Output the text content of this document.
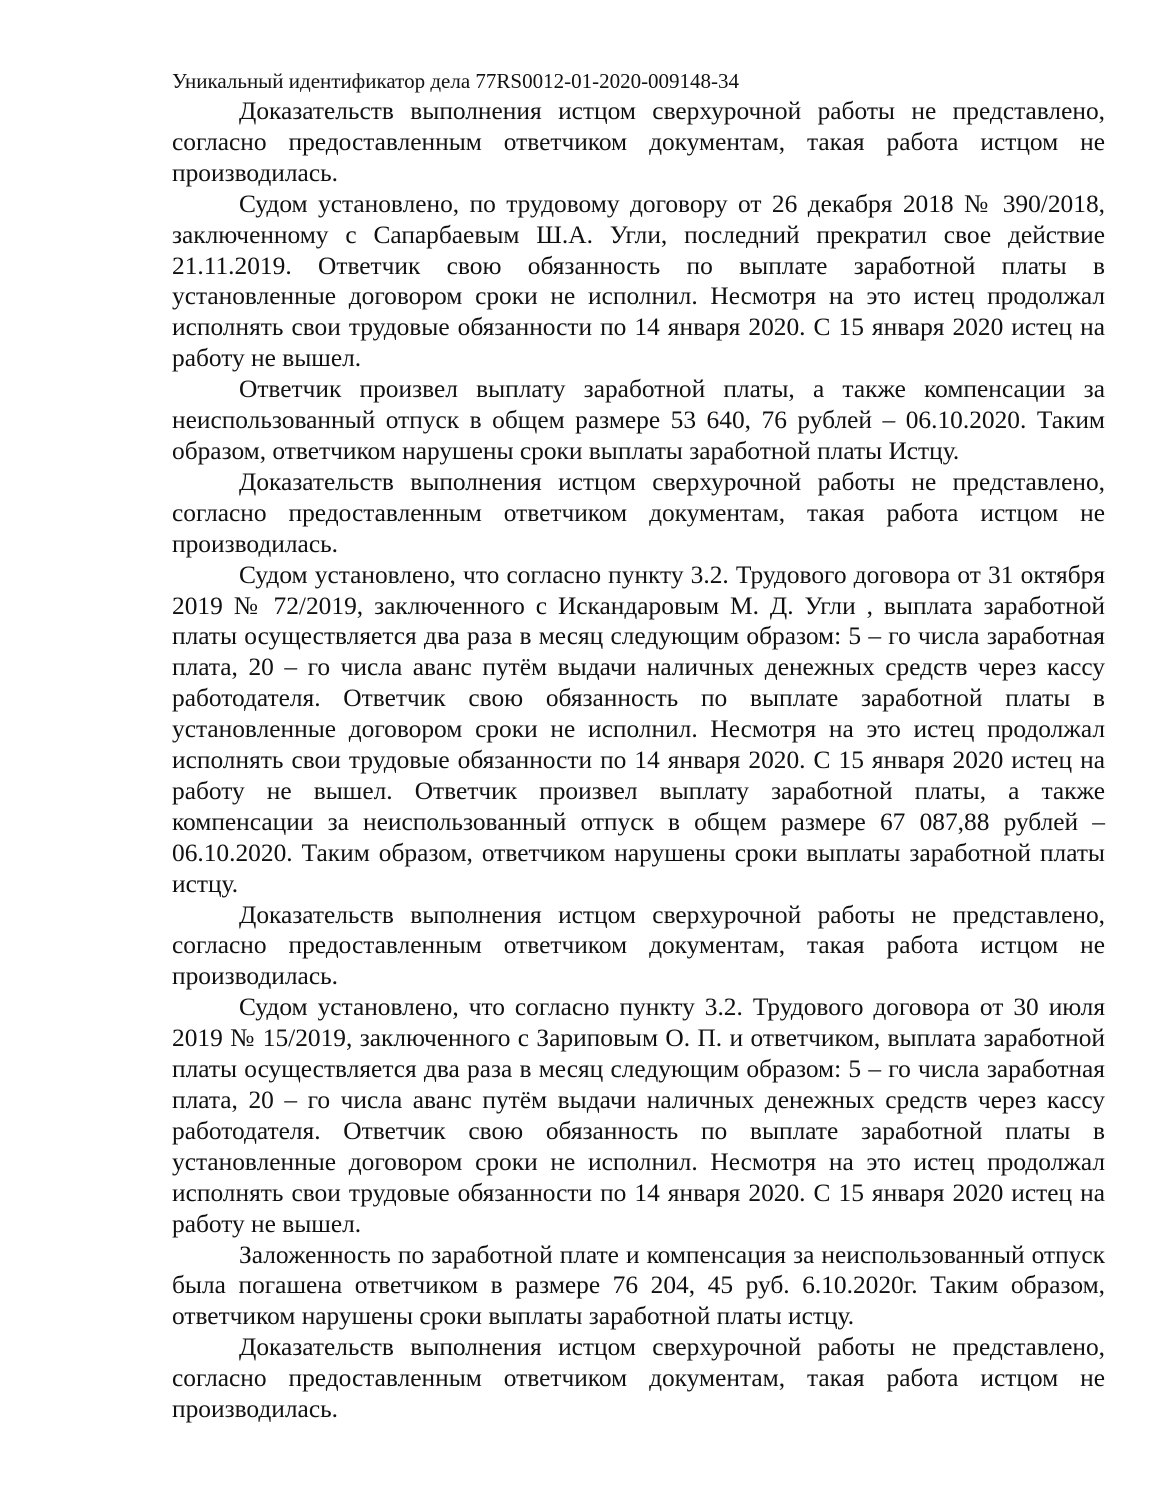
Уникальный идентификатор дела 77RS0012-01-2020-009148-34

Доказательств выполнения истцом сверхурочной работы не представлено, согласно предоставленным ответчиком документам, такая работа истцом не производилась.

Судом установлено, по трудовому договору от 26 декабря 2018 № 390/2018, заключенному с Сапарбаевым Ш.А. Угли, последний прекратил свое действие 21.11.2019. Ответчик свою обязанность по выплате заработной платы в установленные договором сроки не исполнил. Несмотря на это истец продолжал исполнять свои трудовые обязанности по 14 января 2020. С 15 января 2020 истец на работу не вышел.

Ответчик произвел выплату заработной платы, а также компенсации за неиспользованный отпуск в общем размере 53 640, 76 рублей – 06.10.2020. Таким образом, ответчиком нарушены сроки выплаты заработной платы Истцу.

Доказательств выполнения истцом сверхурочной работы не представлено, согласно предоставленным ответчиком документам, такая работа истцом не производилась.

Судом установлено, что согласно пункту 3.2. Трудового договора от 31 октября 2019 № 72/2019, заключенного с Искандаровым М. Д. Угли , выплата заработной платы осуществляется два раза в месяц следующим образом: 5 – го числа заработная плата, 20 – го числа аванс путём выдачи наличных денежных средств через кассу работодателя. Ответчик свою обязанность по выплате заработной платы в установленные договором сроки не исполнил. Несмотря на это истец продолжал исполнять свои трудовые обязанности по 14 января 2020. С 15 января 2020 истец на работу не вышел. Ответчик произвел выплату заработной платы, а также компенсации за неиспользованный отпуск в общем размере 67 087,88 рублей – 06.10.2020. Таким образом, ответчиком нарушены сроки выплаты заработной платы истцу.

Доказательств выполнения истцом сверхурочной работы не представлено, согласно предоставленным ответчиком документам, такая работа истцом не производилась.

Судом установлено, что согласно пункту 3.2. Трудового договора от 30 июля 2019 № 15/2019, заключенного с Зариповым О. П. и ответчиком, выплата заработной платы осуществляется два раза в месяц следующим образом: 5 – го числа заработная плата, 20 – го числа аванс путём выдачи наличных денежных средств через кассу работодателя. Ответчик свою обязанность по выплате заработной платы в установленные договором сроки не исполнил. Несмотря на это истец продолжал исполнять свои трудовые обязанности по 14 января 2020. С 15 января 2020 истец на работу не вышел.

Заложенность по заработной плате и компенсация за неиспользованный отпуск была погашена ответчиком в размере 76 204, 45 руб. 6.10.2020г. Таким образом, ответчиком нарушены сроки выплаты заработной платы истцу.

Доказательств выполнения истцом сверхурочной работы не представлено, согласно предоставленным ответчиком документам, такая работа истцом не производилась.
